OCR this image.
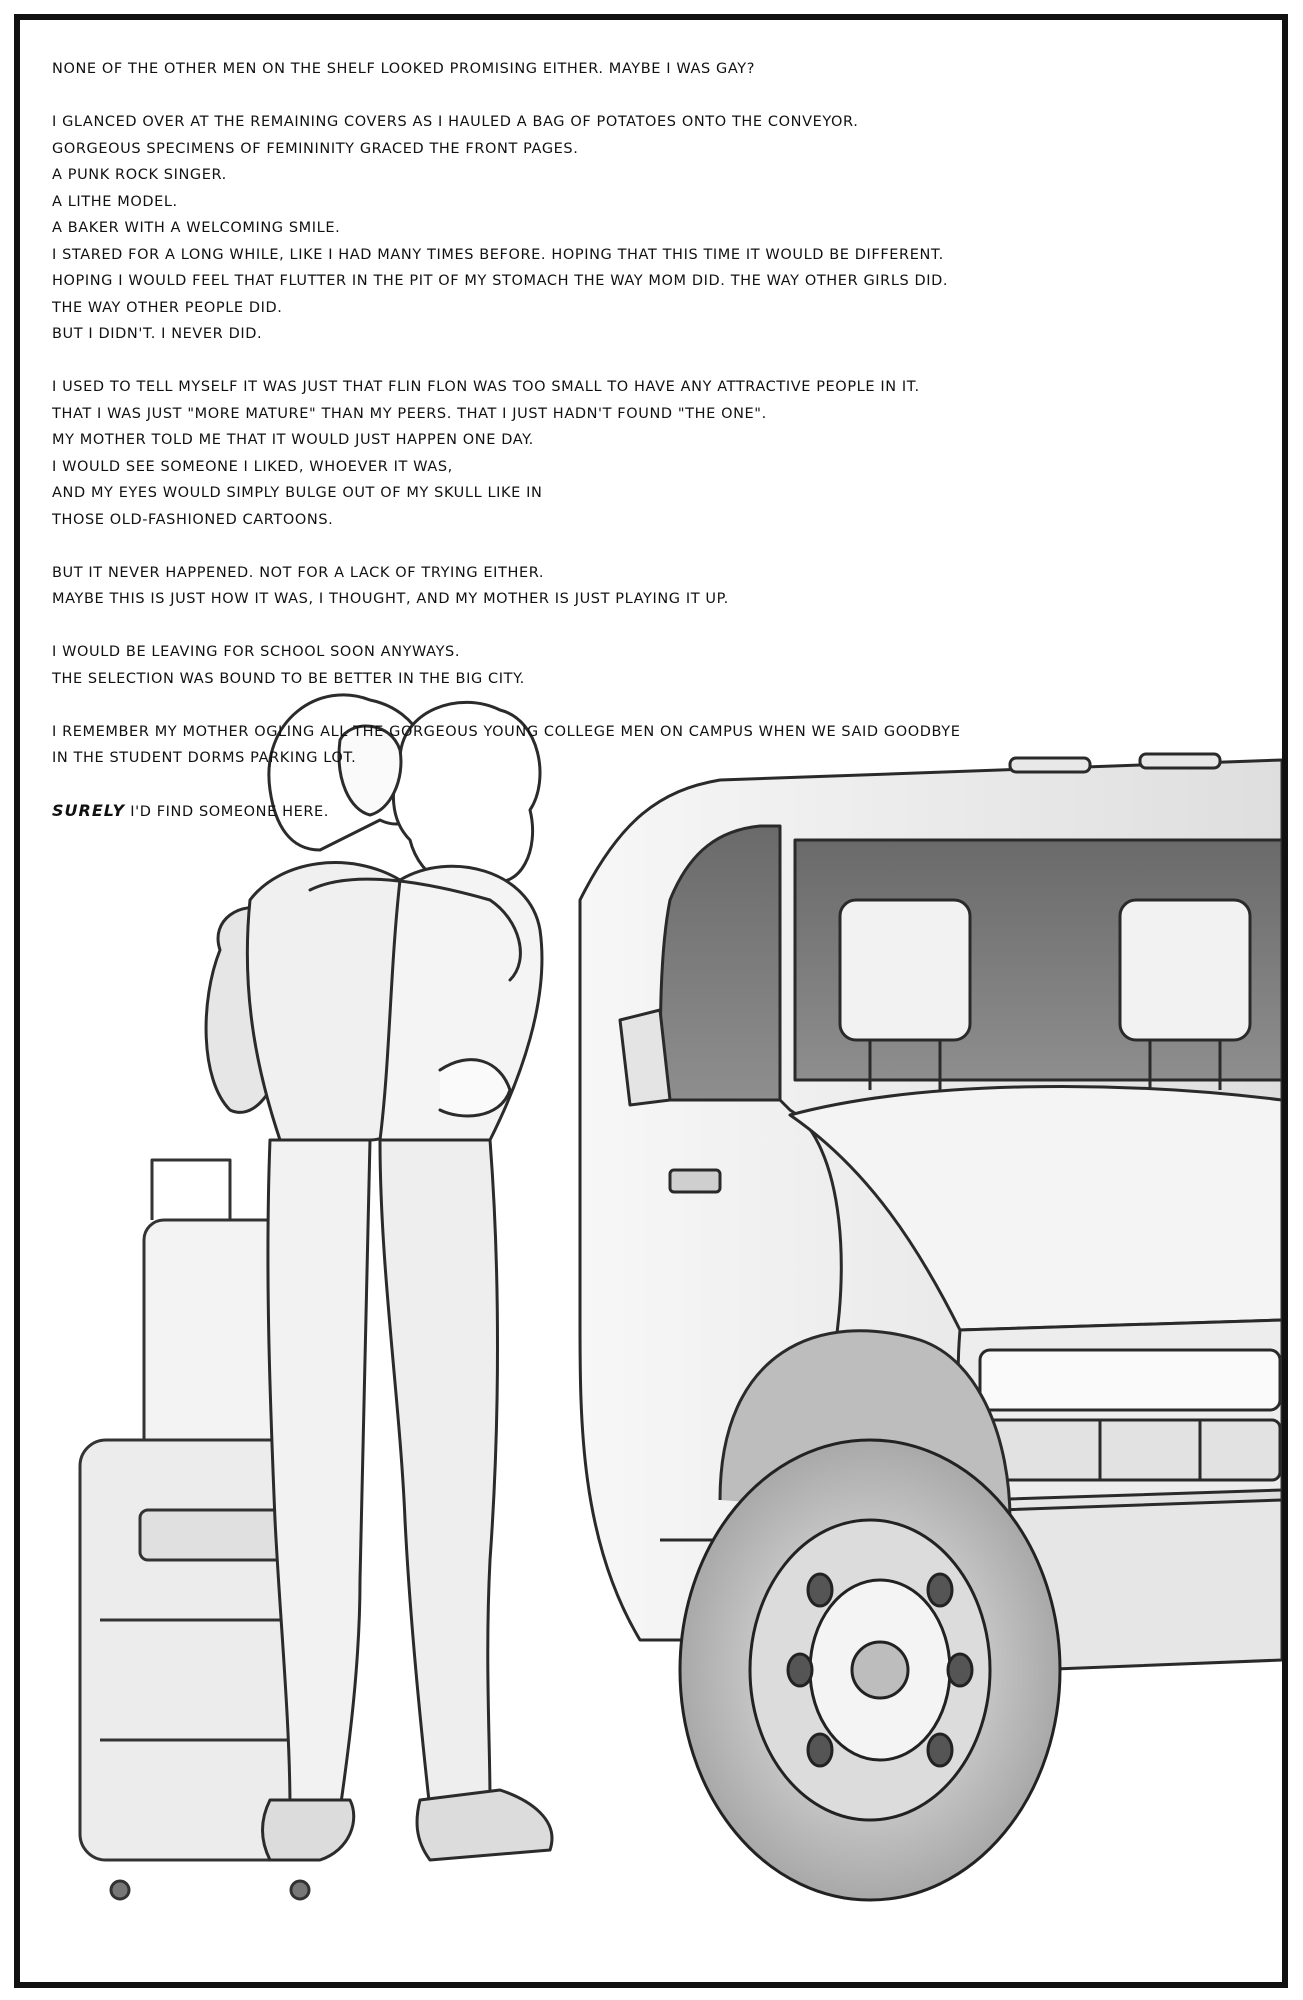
NONE OF THE OTHER MEN ON THE SHELF LOOKED PROMISING EITHER. MAYBE I WAS GAY?
I GLANCED OVER AT THE REMAINING COVERS AS I HAULED A BAG OF POTATOES ONTO THE CONVEYOR.
GORGEOUS SPECIMENS OF FEMININITY GRACED THE FRONT PAGES.
A PUNK ROCK SINGER.
A LITHE MODEL.
A BAKER WITH A WELCOMING SMILE.
I STARED FOR A LONG WHILE, LIKE I HAD MANY TIMES BEFORE. HOPING THAT THIS TIME IT WOULD BE DIFFERENT.
HOPING I WOULD FEEL THAT FLUTTER IN THE PIT OF MY STOMACH THE WAY MOM DID. THE WAY OTHER GIRLS DID.
THE WAY OTHER PEOPLE DID.
BUT I DIDN'T. I NEVER DID.
I USED TO TELL MYSELF IT WAS JUST THAT FLIN FLON WAS TOO SMALL TO HAVE ANY ATTRACTIVE PEOPLE IN IT.
THAT I WAS JUST "MORE MATURE" THAN MY PEERS. THAT I JUST HADN'T FOUND "THE ONE".
MY MOTHER TOLD ME THAT IT WOULD JUST HAPPEN ONE DAY.
I WOULD SEE SOMEONE I LIKED, WHOEVER IT WAS,
AND MY EYES WOULD SIMPLY BULGE OUT OF MY SKULL LIKE IN
THOSE OLD-FASHIONED CARTOONS.
BUT IT NEVER HAPPENED. NOT FOR A LACK OF TRYING EITHER.
MAYBE THIS IS JUST HOW IT WAS, I THOUGHT, AND MY MOTHER IS JUST PLAYING IT UP.
I WOULD BE LEAVING FOR SCHOOL SOON ANYWAYS.
THE SELECTION WAS BOUND TO BE BETTER IN THE BIG CITY.
I REMEMBER MY MOTHER OGLING ALL THE GORGEOUS YOUNG COLLEGE MEN ON CAMPUS WHEN WE SAID GOODBYE
IN THE STUDENT DORMS PARKING LOT.
SURELY I'D FIND SOMEONE HERE.
